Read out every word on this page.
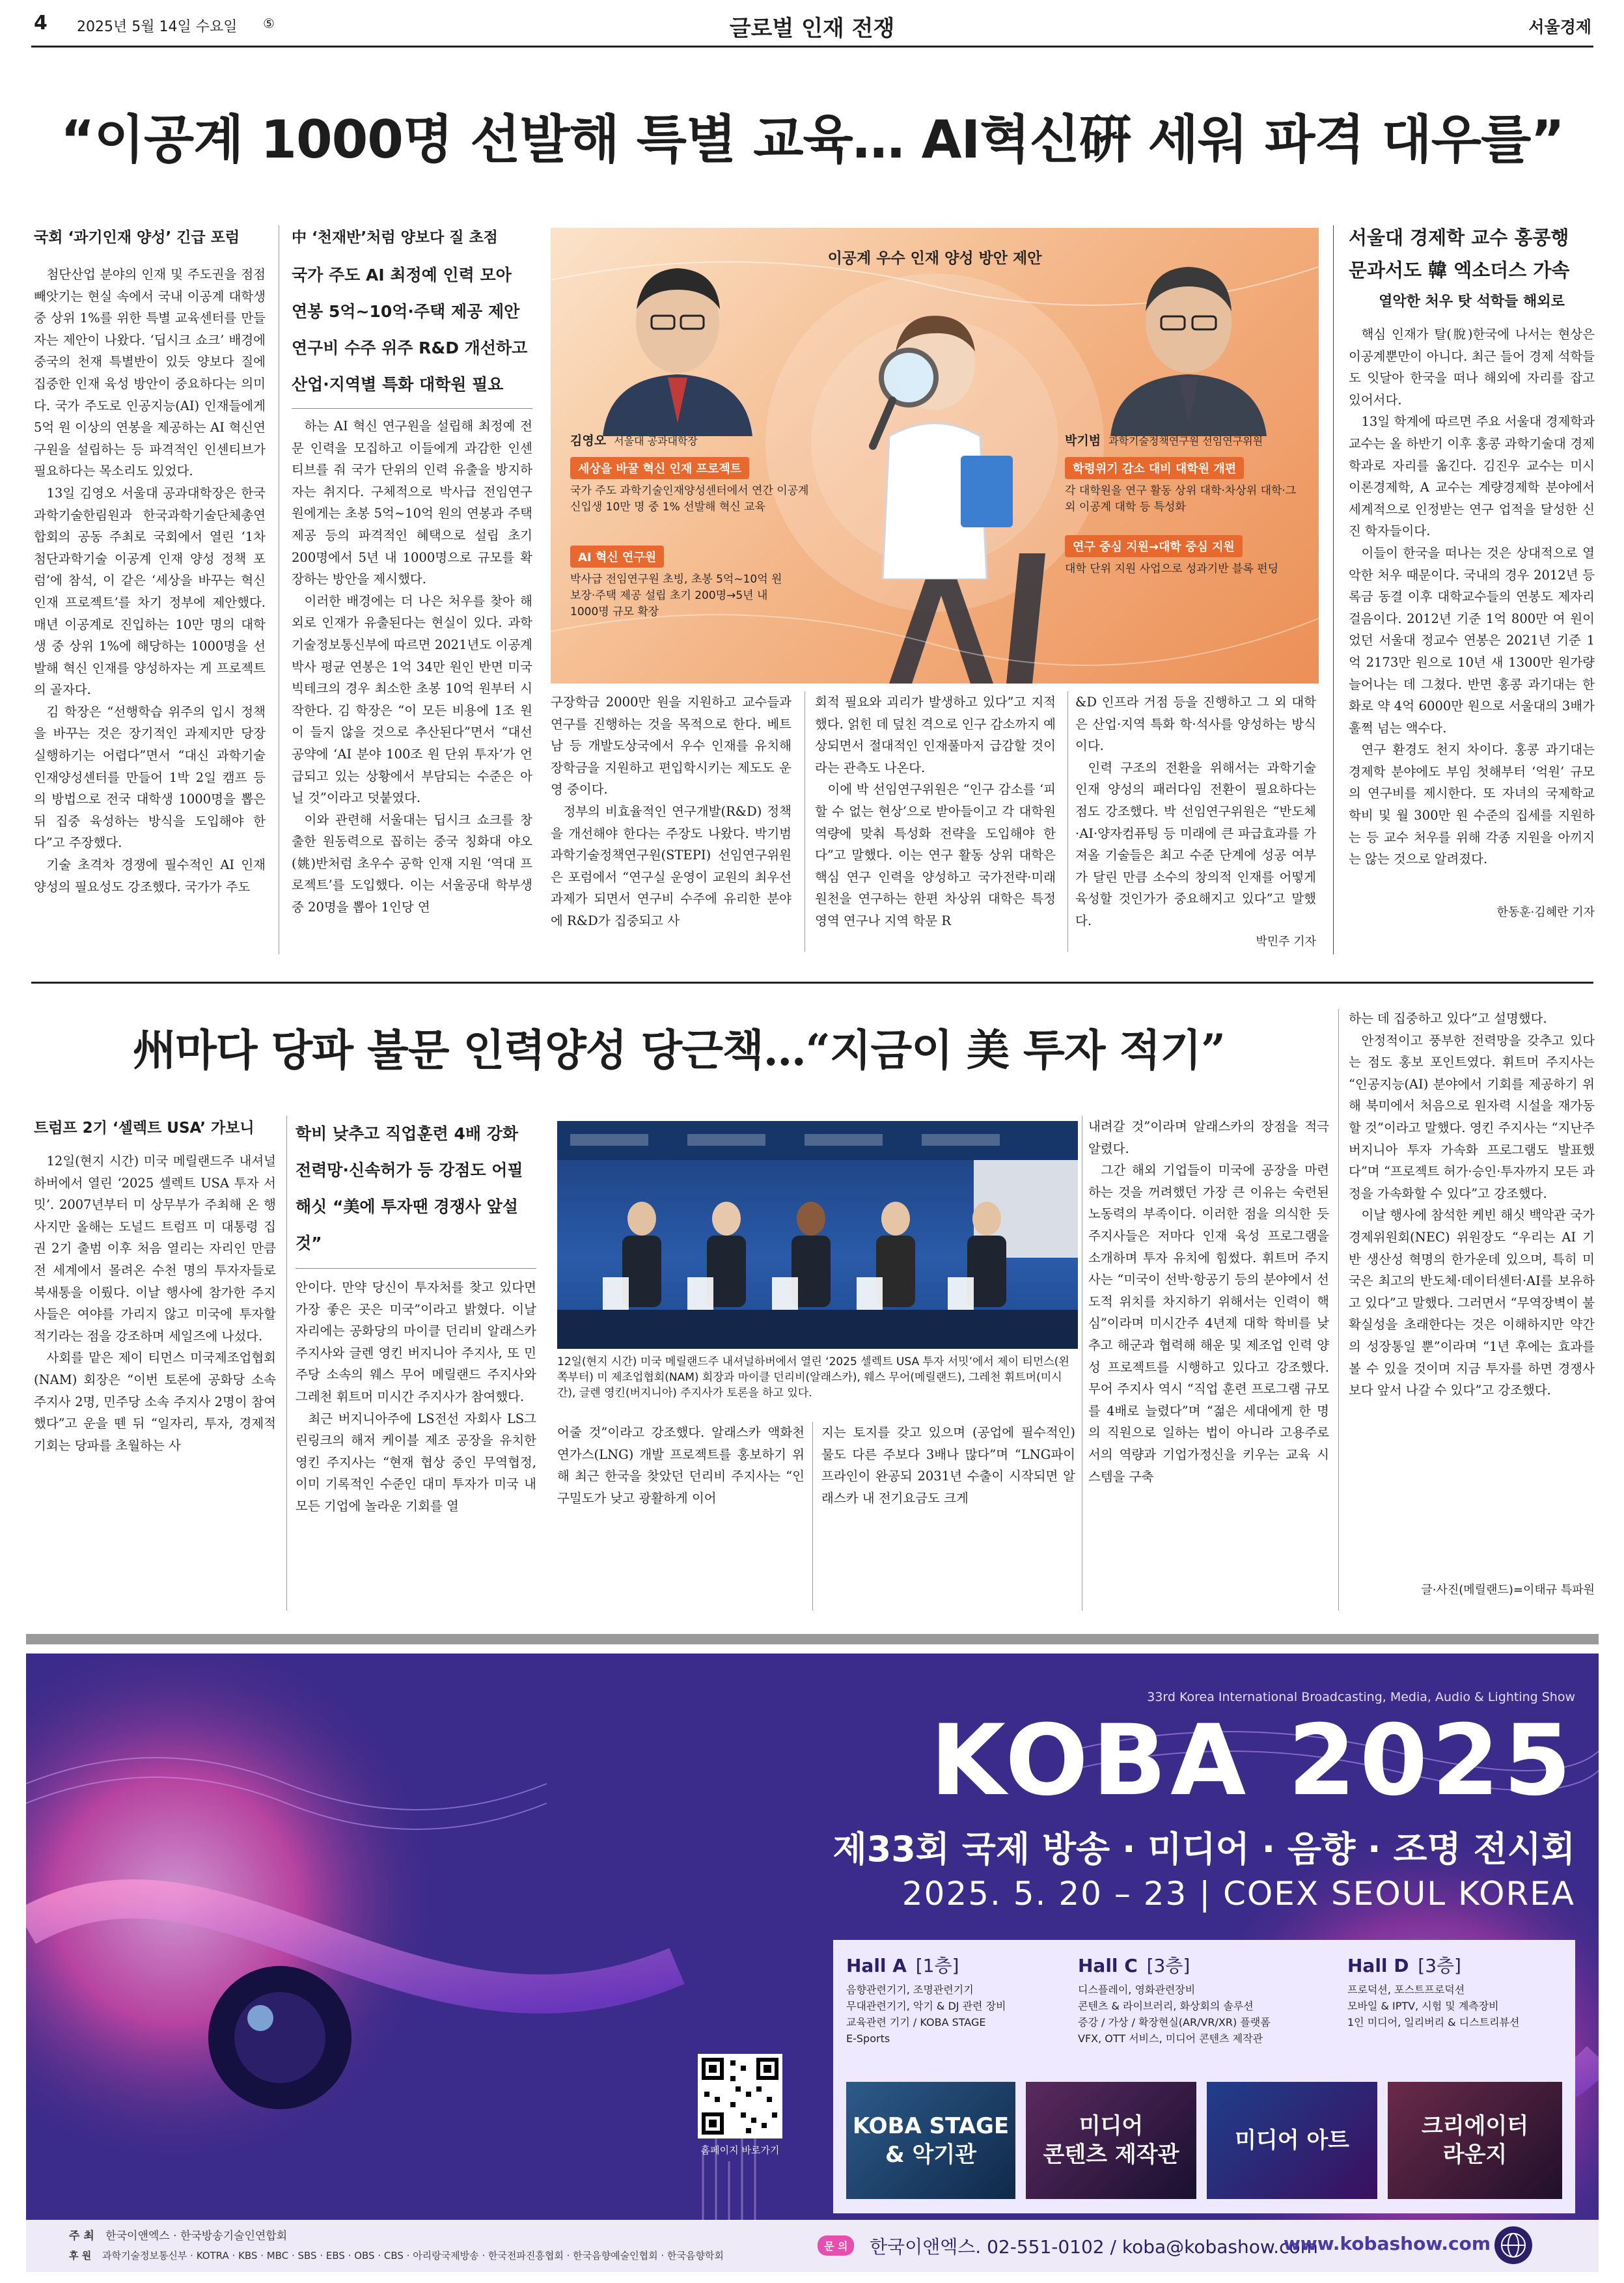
4 2025년 5월 14일 수요일 ⑤	글로벌 인재 전쟁	서울경제
“이공계 1000명 선발해 특별 교육… AI혁신硏 세워 파격 대우를”
국회 ‘과기인재 양성’ 긴급 포럼

첨단산업 분야의 인재 및 주도권을 점점 빼앗기는 현실 속에서 국내 이공계 대학생 중 상위 1%를 위한 특별 교육센터를 만들자는 제안이 나왔다. ‘딥시크 쇼크’ 배경에 중국의 천재 특별반이 있듯 양보다 질에 집중한 인재 육성 방안이 중요하다는 의미다. 국가 주도로 인공지능(AI) 인재들에게 5억 원 이상의 연봉을 제공하는 AI 혁신연구원을 설립하는 등 파격적인 인센티브가 필요하다는 목소리도 있었다.

13일 김영오 서울대 공과대학장은 한국과학기술한림원과 한국과학기술단체총연합회의 공동 주최로 국회에서 열린 ‘1차 첨단과학기술 이공계 인재 양성 정책 포럼’에 참석, 이 같은 ‘세상을 바꾸는 혁신 인재 프로젝트’를 차기 정부에 제안했다. 매년 이공계로 진입하는 10만 명의 대학생 중 상위 1%에 해당하는 1000명을 선발해 혁신 인재를 양성하자는 게 프로젝트의 골자다.

김 학장은 “선행학습 위주의 입시 정책을 바꾸는 것은 장기적인 과제지만 당장 실행하기는 어렵다”면서 “대신 과학기술 인재양성센터를 만들어 1박 2일 캠프 등의 방법으로 전국 대학생 1000명을 뽑은 뒤 집중 육성하는 방식을 도입해야 한다”고 주장했다.

기술 초격차 경쟁에 필수적인 AI 인재 양성의 필요성도 강조했다. 국가가 주도

中 ‘천재반’처럼 양보다 질 초점
국가 주도 AI 최정예 인력 모아
연봉 5억~10억·주택 제공 제안
연구비 수주 위주 R&D 개선하고
산업·지역별 특화 대학원 필요

하는 AI 혁신 연구원을 설립해 최정예 전문 인력을 모집하고 이들에게 과감한 인센티브를 줘 국가 단위의 인력 유출을 방지하자는 취지다. 구체적으로 박사급 전임연구원에게는 초봉 5억~10억 원의 연봉과 주택 제공 등의 파격적인 혜택으로 설립 초기 200명에서 5년 내 1000명으로 규모를 확장하는 방안을 제시했다.

이러한 배경에는 더 나은 처우를 찾아 해외로 인재가 유출된다는 현실이 있다. 과학기술정보통신부에 따르면 2021년도 이공계 박사 평균 연봉은 1억 34만 원인 반면 미국 빅테크의 경우 최소한 초봉 10억 원부터 시작한다. 김 학장은 “이 모든 비용에 1조 원이 들지 않을 것으로 추산된다”면서 “대선 공약에 ‘AI 분야 100조 원 단위 투자’가 언급되고 있는 상황에서 부담되는 수준은 아닐 것”이라고 덧붙였다.

이와 관련해 서울대는 딥시크 쇼크를 창출한 원동력으로 꼽히는 중국 칭화대 야오(姚)반처럼 초우수 공학 인재 지원 ‘역대 프로젝트’를 도입했다. 이는 서울공대 학부생 중 20명을 뽑아 1인당 연

이공계 우수 인재 양성 방안 제안
김영오 서울대 공과대학장	박기범 과학기술정책연구원 선임연구위원
세상을 바꿀 혁신 인재 프로젝트
국가 주도 과학기술인재양성센터에서 연간 이공계 신입생 10만 명 중 1% 선발해 혁신 교육
AI 혁신 연구원
박사급 전임연구원 초빙, 초봉 5억~10억 원 보장·주택 제공 설립 초기 200명→5년 내 1000명 규모 확장
학령위기 감소 대비 대학원 개편
각 대학원을 연구 활동 상위 대학·차상위 대학·그 외 이공계 대학 등 특성화
연구 중심 지원→대학 중심 지원
대학 단위 지원 사업으로 성과기반 블록 펀딩

구장학금 2000만 원을 지원하고 교수들과 연구를 진행하는 것을 목적으로 한다. 베트남 등 개발도상국에서 우수 인재를 유치해 장학금을 지원하고 편입학시키는 제도도 운영 중이다.

정부의 비효율적인 연구개발(R&D) 정책을 개선해야 한다는 주장도 나왔다. 박기범 과학기술정책연구원(STEPI) 선임연구위원은 포럼에서 “연구실 운영이 교원의 최우선 과제가 되면서 연구비 수주에 유리한 분야에 R&D가 집중되고 사

회적 필요와 괴리가 발생하고 있다”고 지적했다. 얽힌 데 덮친 격으로 인구 감소까지 예상되면서 절대적인 인재풀마저 급감할 것이라는 관측도 나온다.

이에 박 선임연구위원은 “인구 감소를 ‘피할 수 없는 현상’으로 받아들이고 각 대학원 역량에 맞춰 특성화 전략을 도입해야 한다”고 말했다. 이는 연구 활동 상위 대학은 핵심 연구 인력을 양성하고 국가전략·미래원천을 연구하는 한편 차상위 대학은 특정 영역 연구나 지역 학문 R

&D 인프라 거점 등을 진행하고 그 외 대학은 산업·지역 특화 학·석사를 양성하는 방식이다.

인력 구조의 전환을 위해서는 과학기술 인재 양성의 패러다임 전환이 필요하다는 점도 강조했다. 박 선임연구위원은 “반도체·AI·양자컴퓨팅 등 미래에 큰 파급효과를 가져올 기술들은 최고 수준 단계에 성공 여부가 달린 만큼 소수의 창의적 인재를 어떻게 육성할 것인가가 중요해지고 있다”고 말했다.

박민주 기자
서울대 경제학 교수 홍콩행
문과서도 韓 엑소더스 가속
열악한 처우 탓 석학들 해외로

핵심 인재가 탈(脫)한국에 나서는 현상은 이공계뿐만이 아니다. 최근 들어 경제 석학들도 잇달아 한국을 떠나 해외에 자리를 잡고 있어서다.

13일 학계에 따르면 주요 서울대 경제학과 교수는 올 하반기 이후 홍콩 과학기술대 경제학과로 자리를 옮긴다. 김진우 교수는 미시 이론경제학, A 교수는 계량경제학 분야에서 세계적으로 인정받는 연구 업적을 달성한 신진 학자들이다.

이들이 한국을 떠나는 것은 상대적으로 열악한 처우 때문이다. 국내의 경우 2012년 등록금 동결 이후 대학교수들의 연봉도 제자리걸음이다. 2012년 기준 1억 800만 여 원이었던 서울대 정교수 연봉은 2021년 기준 1억 2173만 원으로 10년 새 1300만 원가량 늘어나는 데 그쳤다. 반면 홍콩 과기대는 한화로 약 4억 6000만 원으로 서울대의 3배가 훌쩍 넘는 액수다.

연구 환경도 천지 차이다. 홍콩 과기대는 경제학 분야에도 부임 첫해부터 ‘억원’ 규모의 연구비를 제시한다. 또 자녀의 국제학교 학비 및 월 300만 원 수준의 집세를 지원하는 등 교수 처우를 위해 각종 지원을 아끼지는 않는 것으로 알려졌다.

한동훈·김혜란 기자
州마다 당파 불문 인력양성 당근책…“지금이 美 투자 적기”
트럼프 2기 ‘셀렉트 USA’ 가보니

12일(현지 시간) 미국 메릴랜드주 내셔널하버에서 열린 ‘2025 셀렉트 USA 투자 서밋’. 2007년부터 미 상무부가 주최해 온 행사지만 올해는 도널드 트럼프 미 대통령 집권 2기 출범 이후 처음 열리는 자리인 만큼 전 세계에서 몰려온 수천 명의 투자자들로 북새통을 이뤘다. 이날 행사에 참가한 주지사들은 여야를 가리지 않고 미국에 투자할 적기라는 점을 강조하며 세일즈에 나섰다.

사회를 맡은 제이 티먼스 미국제조업협회(NAM) 회장은 “이번 토론에 공화당 소속 주지사 2명, 민주당 소속 주지사 2명이 참여했다”고 운을 뗀 뒤 “일자리, 투자, 경제적 기회는 당파를 초월하는 사

학비 낮추고 직업훈련 4배 강화
전력망·신속허가 등 강점도 어필
해싯 “美에 투자땐 경쟁사 앞설것”

안이다. 만약 당신이 투자처를 찾고 있다면 가장 좋은 곳은 미국”이라고 밝혔다. 이날 자리에는 공화당의 마이클 던리비 알래스카 주지사와 글렌 영킨 버지니아 주지사, 또 민주당 소속의 웨스 무어 메릴랜드 주지사와 그레천 휘트머 미시간 주지사가 참여했다.

최근 버지니아주에 LS전선 자회사 LS그린링크의 해저 케이블 제조 공장을 유치한 영킨 주지사는 “현재 협상 중인 무역협정, 이미 기록적인 수준인 대미 투자가 미국 내 모든 기업에 놀라운 기회를 열

12일(현지 시간) 미국 메릴랜드주 내셔널하버에서 열린 ‘2025 셀렉트 USA 투자 서밋’에서 제이 티먼스(왼쪽부터) 미 제조업협회(NAM) 회장과 마이클 던리비(알래스카), 웨스 무어(메릴랜드), 그레천 휘트머(미시간), 글렌 영킨(버지니아) 주지사가 토론을 하고 있다.

어줄 것”이라고 강조했다. 알래스카 액화천연가스(LNG) 개발 프로젝트를 홍보하기 위해 최근 한국을 찾았던 던리비 주지사는 “인구밀도가 낮고 광활하게 이어

지는 토지를 갖고 있으며 (공업에 필수적인) 물도 다른 주보다 3배나 많다”며 “LNG파이프라인이 완공되 2031년 수출이 시작되면 알래스카 내 전기요금도 크게

내려갈 것”이라며 알래스카의 장점을 적극 알렸다.

그간 해외 기업들이 미국에 공장을 마련하는 것을 꺼려했던 가장 큰 이유는 숙련된 노동력의 부족이다. 이러한 점을 의식한 듯 주지사들은 저마다 인재 육성 프로그램을 소개하며 투자 유치에 힘썼다. 휘트머 주지사는 “미국이 선박·항공기 등의 분야에서 선도적 위치를 차지하기 위해서는 인력이 핵심”이라며 미시간주 4년제 대학 학비를 낮추고 해군과 협력해 해운 및 제조업 인력 양성 프로젝트를 시행하고 있다고 강조했다. 무어 주지사 역시 “직업 훈련 프로그램 규모를 4배로 늘렸다”며 “젊은 세대에게 한 명의 직원으로 일하는 법이 아니라 고용주로서의 역량과 기업가정신을 키우는 교육 시스템을 구축

하는 데 집중하고 있다”고 설명했다.

안정적이고 풍부한 전력망을 갖추고 있다는 점도 홍보 포인트였다. 휘트머 주지사는 “인공지능(AI) 분야에서 기회를 제공하기 위해 북미에서 처음으로 원자력 시설을 재가동할 것”이라고 말했다. 영킨 주지사는 “지난주 버지니아 투자 가속화 프로그램도 발표했다”며 “프로젝트 허가·승인·투자까지 모든 과정을 가속화할 수 있다”고 강조했다.

이날 행사에 참석한 케빈 해싯 백악관 국가경제위원회(NEC) 위원장도 “우리는 AI 기반 생산성 혁명의 한가운데 있으며, 특히 미국은 최고의 반도체·데이터센터·AI를 보유하고 있다”고 말했다. 그러면서 “무역장벽이 불확실성을 초래한다는 것은 이해하지만 약간의 성장통일 뿐”이라며 “1년 후에는 효과를 볼 수 있을 것이며 지금 투자를 하면 경쟁사보다 앞서 나갈 수 있다”고 강조했다.

글·사진(메릴랜드)=이태규 특파원
33rd Korea International Broadcasting, Media, Audio & Lighting Show
KOBA 2025
제33회 국제 방송 · 미디어 · 음향 · 조명 전시회
2025. 5. 20 – 23 | COEX SEOUL KOREA
Hall A [1층]
음향관련기기, 조명관련기기
무대관련기기, 악기 & DJ 관련 장비
교육관련 기기 / KOBA STAGE
E-Sports
Hall C [3층]
디스플레이, 영화관련장비
콘텐츠 & 라이브러리, 화상회의 솔루션
증강 / 가상 / 확장현실(AR/VR/XR) 플랫폼
VFX, OTT 서비스, 미디어 콘텐츠 제작관
Hall D [3층]
프로덕션, 포스트프로덕션
모바일 & IPTV, 시험 및 계측장비
1인 미디어, 일리버리 & 디스트리뷰션
KOBA STAGE
& 악기관
미디어
콘텐츠 제작관
미디어 아트
크리에이터
라운지
홈페이지 바로가기
주 최 한국이앤엑스 · 한국방송기술인연합회
후 원 과학기술정보통신부 · KOTRA · KBS · MBC · SBS · EBS · OBS · CBS · 아리랑국제방송 · 한국전파진흥협회 · 한국음향예술인협회 · 한국음향학회
문 의	한국이앤엑스. 02-551-0102 / koba@kobashow.com
www.kobashow.com
